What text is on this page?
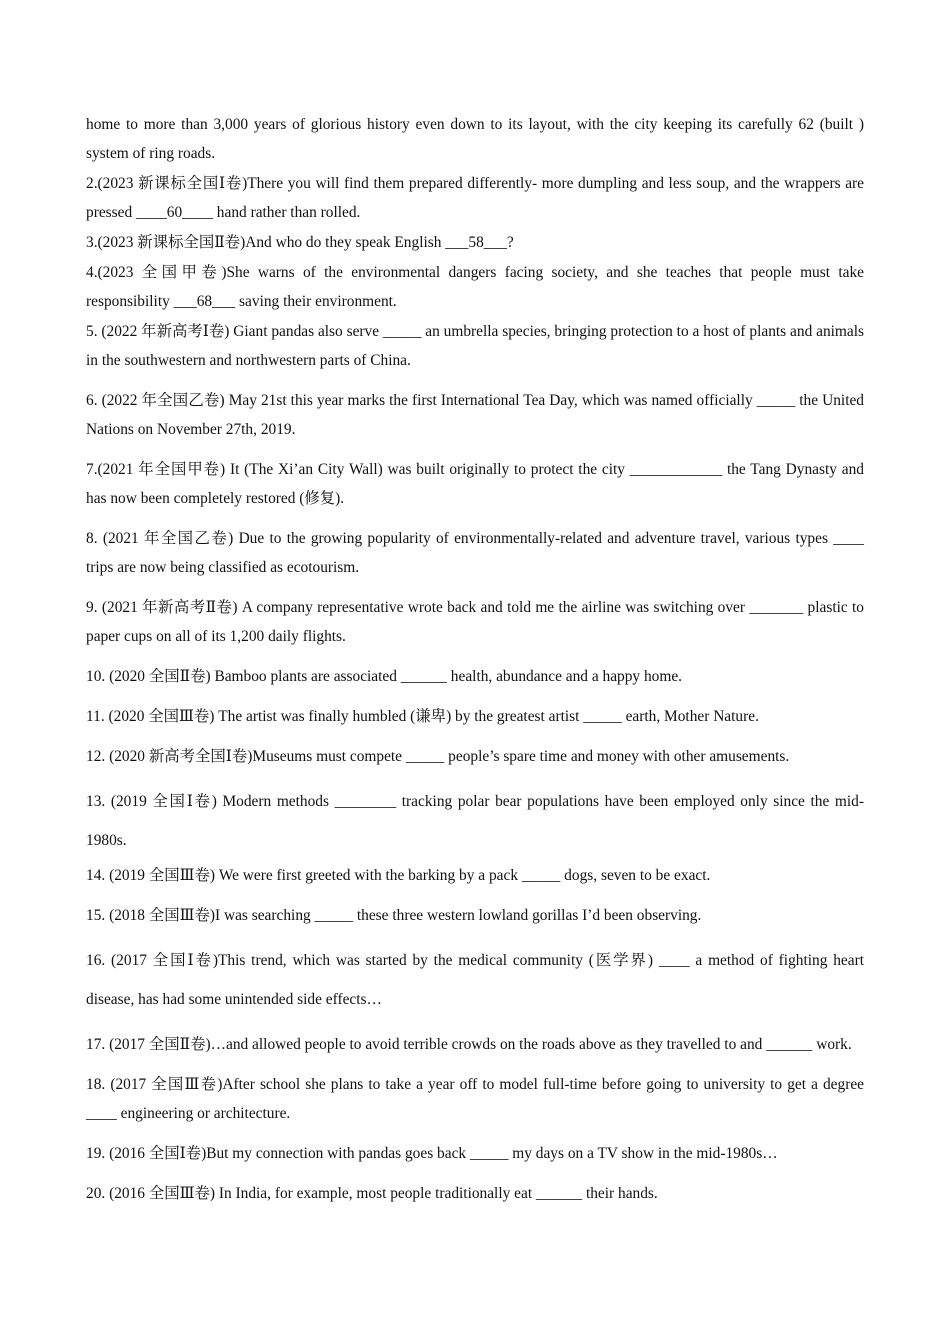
home to more than 3,000 years of glorious history even down to its layout, with the city keeping its carefully 62 (built ) system of ring roads.

2.(2023 新课标全国Ⅰ卷)There you will find them prepared differently- more dumpling and less soup, and the wrappers are pressed ____60____ hand rather than rolled.

3.(2023 新课标全国Ⅱ卷)And who do they speak English ___58___?

4.(2023 全国甲卷)She warns of the environmental dangers facing society, and she teaches that people must take responsibility ___68___ saving their environment.

5. (2022 年新高考Ⅰ卷) Giant pandas also serve _____ an umbrella species, bringing protection to a host of plants and animals in the southwestern and northwestern parts of China.

6. (2022 年全国乙卷) May 21st this year marks the first International Tea Day, which was named officially _____ the United Nations on November 27th, 2019.

7.(2021 年全国甲卷) It (The Xi’an City Wall) was built originally to protect the city ____________ the Tang Dynasty and has now been completely restored (修复).

8. (2021 年全国乙卷) Due to the growing popularity of environmentally-related and adventure travel, various types ____ trips are now being classified as ecotourism.

9. (2021 年新高考Ⅱ卷) A company representative wrote back and told me the airline was switching over _______ plastic to paper cups on all of its 1,200 daily flights.

10. (2020 全国Ⅱ卷) Bamboo plants are associated ______ health, abundance and a happy home.

11. (2020 全国Ⅲ卷) The artist was finally humbled (谦卑) by the greatest artist _____ earth, Mother Nature.

12. (2020 新高考全国Ⅰ卷)Museums must compete _____ people’s spare time and money with other amusements.

13. (2019 全国Ⅰ卷) Modern methods ________ tracking polar bear populations have been employed only since the mid-1980s.

14. (2019 全国Ⅲ卷) We were first greeted with the barking by a pack _____ dogs, seven to be exact.

15. (2018 全国Ⅲ卷)I was searching _____ these three western lowland gorillas I’d been observing.

16. (2017 全国Ⅰ卷)This trend, which was started by the medical community (医学界) ____ a method of fighting heart disease, has had some unintended side effects…

17. (2017 全国Ⅱ卷)…and allowed people to avoid terrible crowds on the roads above as they travelled to and ______ work.

18. (2017 全国Ⅲ卷)After school she plans to take a year off to model full-time before going to university to get a degree ____ engineering or architecture.

19. (2016 全国Ⅰ卷)But my connection with pandas goes back _____ my days on a TV show in the mid-1980s…

20. (2016 全国Ⅲ卷) In India, for example, most people traditionally eat ______ their hands.
